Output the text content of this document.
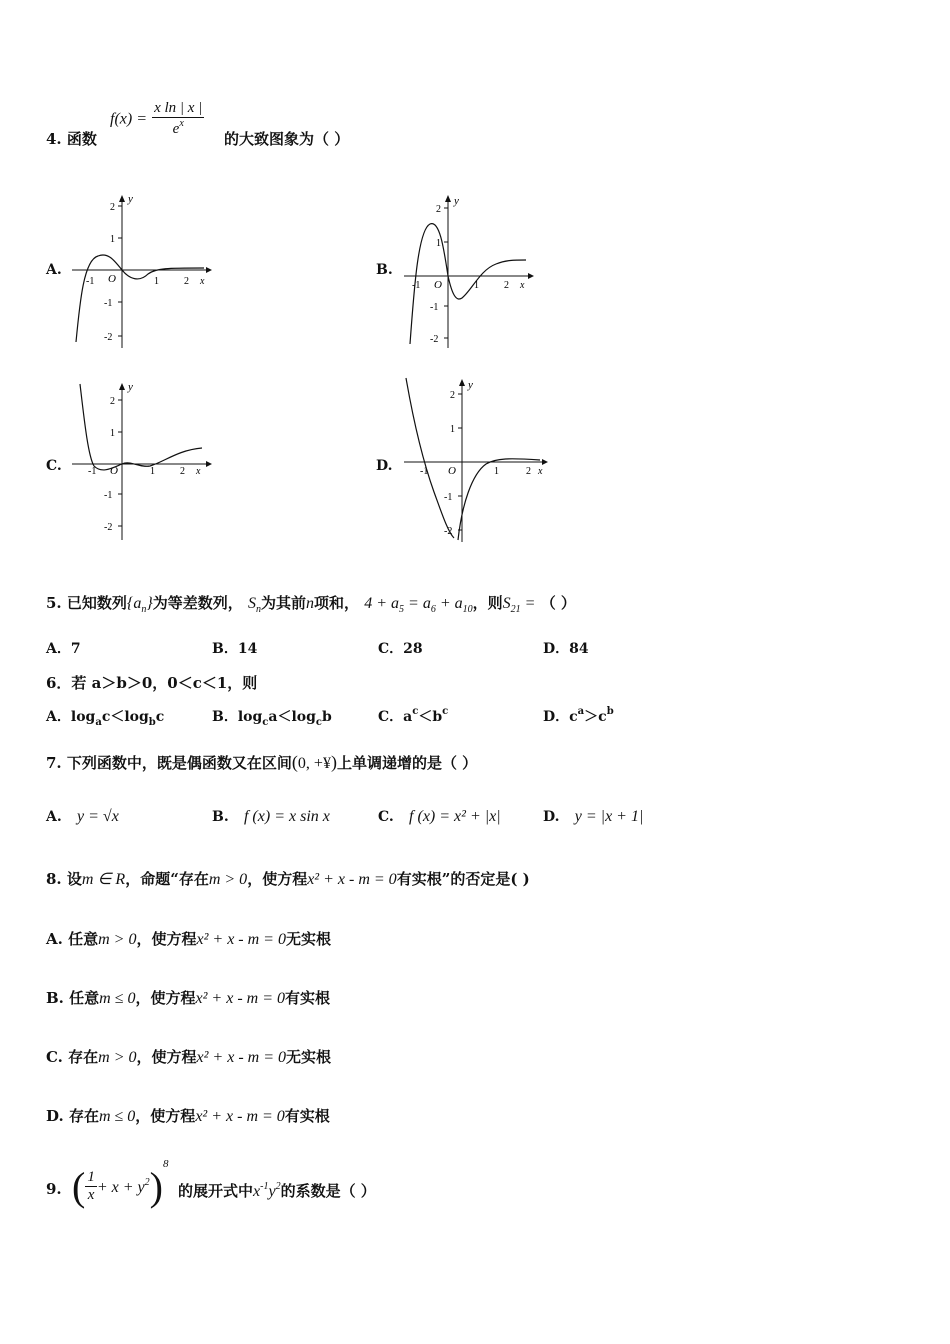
4. 函数
$f(x) = \frac{\text{x ln | x |}}{e^x}$
的大致图象为（ ）
A.	B.
C.	D.
y
2
1
-1
-2
O
-1	1	2 x
y
2
1
-1
-2
O
-1	1	2 x
y
2
1
-1
-2
O
-1	1	2 x
y
2
1
-1
-2
O
-1	1	2 x
5. 已知数列$\{a_n\}$为等差数列， $S_n$为其前n项和， $4 + a_5 = a_6 + a_{10}$，则$S_{21}$ = （ ）
A．7	B．14	C．28	D．84
6．若 a＞b＞0，0＜c＜1，则
A．$\log_ac<\log_bc$	B．$\log_ca<\log_cb$	C．$a^c<b^c$	D．$c^a>c^b$
7. 下列函数中，既是偶函数又在区间(0, +¥)上单调递增的是（ ）
A. y = √x	B. f (x) = x sin x	C. f (x) = x² + |x|	D. y = |x + 1|
8. 设m ∈ R，命题“存在m > 0，使方程x² + x - m = 0有实根”的否定是( )
A. 任意m > 0，使方程x² + x - m = 0无实根
B. 任意m ≤ 0，使方程x² + x - m = 0有实根
C. 存在m > 0，使方程x² + x - m = 0无实根
D. 存在m ≤ 0，使方程x² + x - m = 0有实根
9. ( $\frac{1}{x} + x + y^2)^8$
的展开式中$x^{-1}y^2$的系数是（ ）
